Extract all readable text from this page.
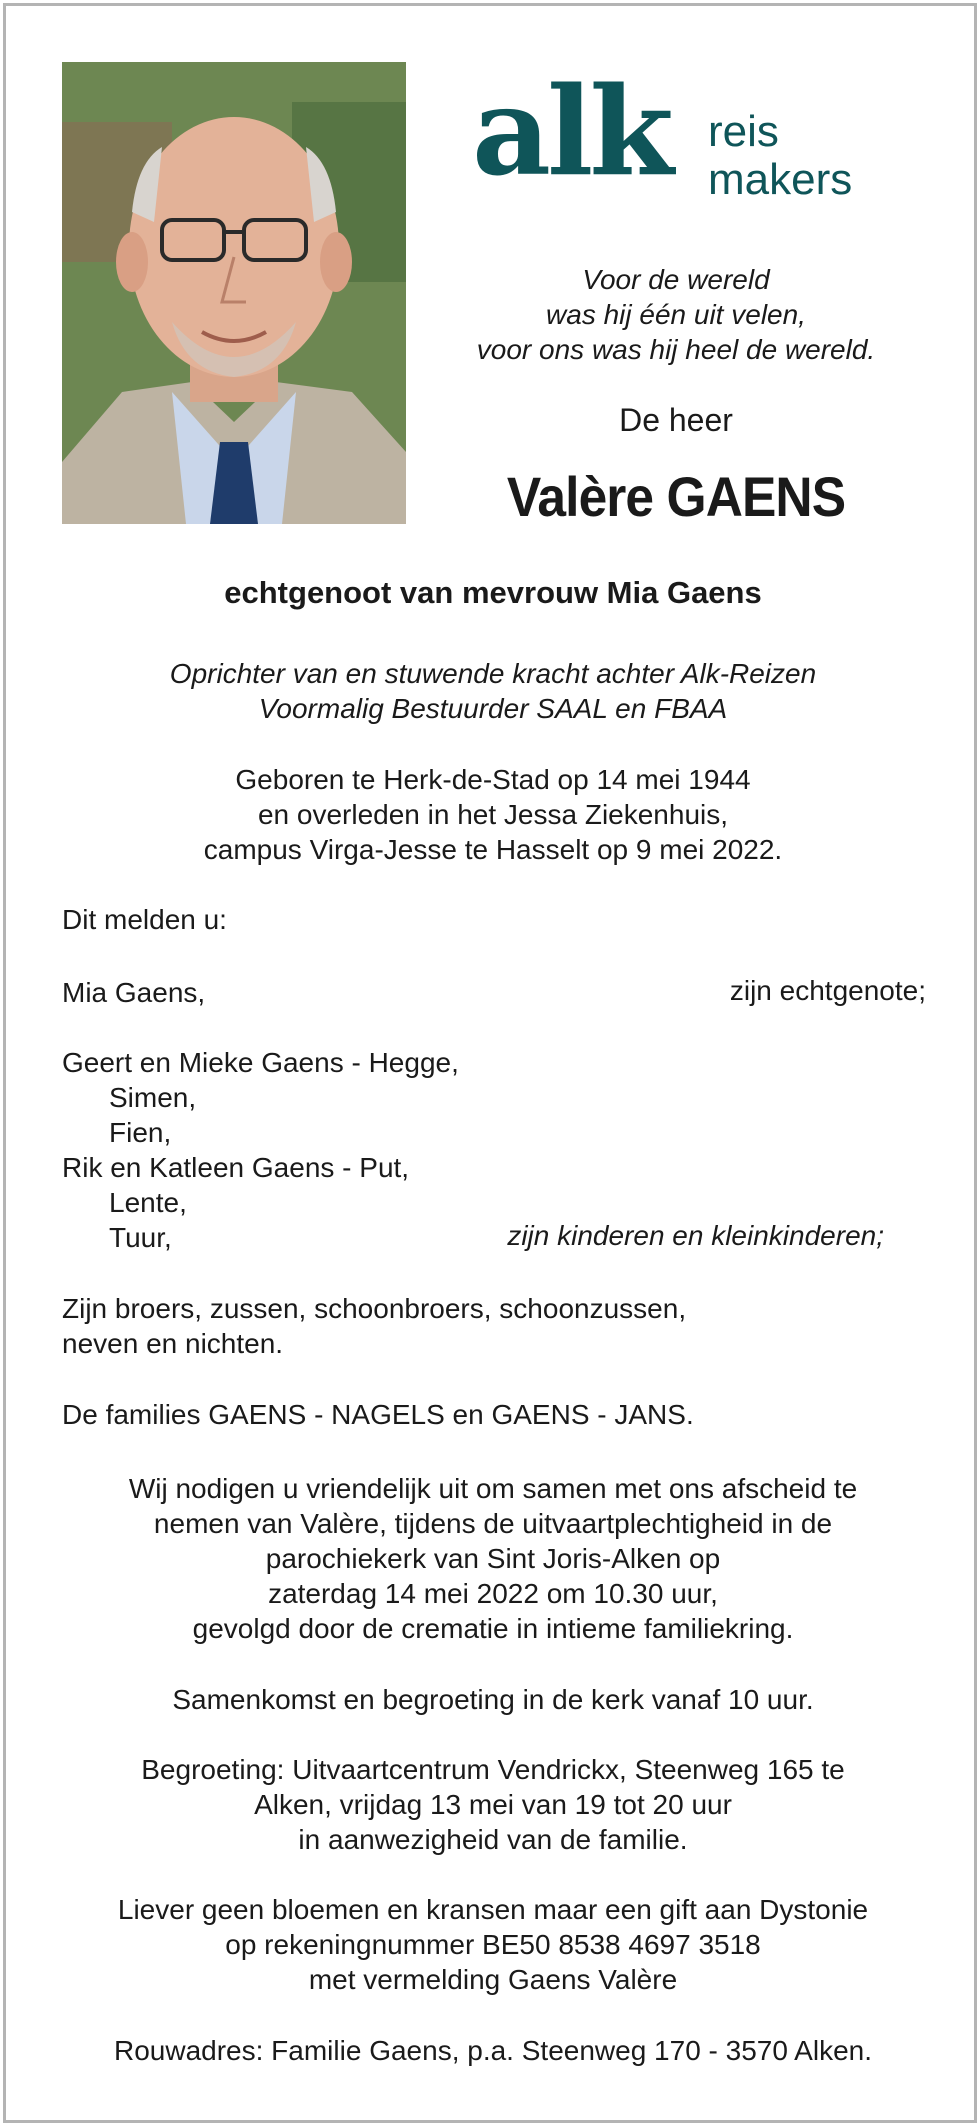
alk reis
makers
Voor de wereld
was hij één uit velen,
voor ons was hij heel de wereld.
De heer
Valère GAENS
echtgenoot van mevrouw Mia Gaens
Oprichter van en stuwende kracht achter Alk-Reizen
Voormalig Bestuurder SAAL en FBAA
Geboren te Herk-de-Stad op 14 mei 1944
en overleden in het Jessa Ziekenhuis,
campus Virga-Jesse te Hasselt op 9 mei 2022.
Dit melden u:
Mia Gaens,	zijn echtgenote;
Geert en Mieke Gaens - Hegge,
Simen,
Fien,
Rik en Katleen Gaens - Put,
Lente,
Tuur,	zijn kinderen en kleinkinderen;
Zijn broers, zussen, schoonbroers, schoonzussen,
neven en nichten.
De families GAENS - NAGELS en GAENS - JANS.
Wij nodigen u vriendelijk uit om samen met ons afscheid te
nemen van Valère, tijdens de uitvaartplechtigheid in de
parochiekerk van Sint Joris-Alken op
zaterdag 14 mei 2022 om 10.30 uur,
gevolgd door de crematie in intieme familiekring.
Samenkomst en begroeting in de kerk vanaf 10 uur.
Begroeting: Uitvaartcentrum Vendrickx, Steenweg 165 te
Alken, vrijdag 13 mei van 19 tot 20 uur
in aanwezigheid van de familie.
Liever geen bloemen en kransen maar een gift aan Dystonie
op rekeningnummer BE50 8538 4697 3518
met vermelding Gaens Valère
Rouwadres: Familie Gaens, p.a. Steenweg 170 - 3570 Alken.
